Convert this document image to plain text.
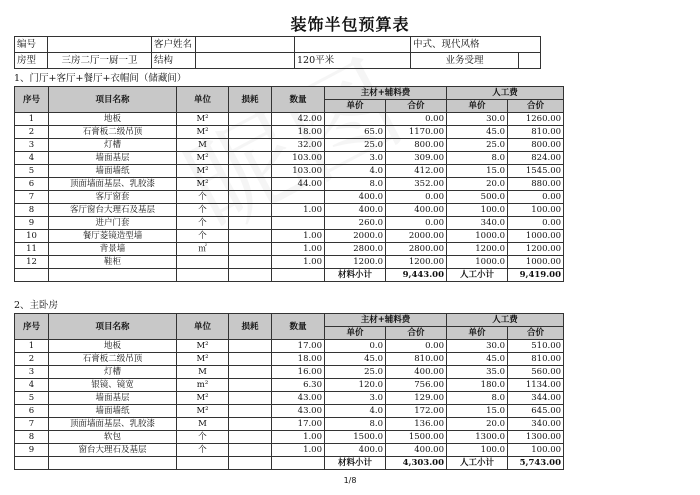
装饰半包预算表
编号		客户姓名			中式、现代风格	
房型	三房二厅一厨一卫	结构		120平米	业务受理	
1、门厅+客厅+餐厅+衣帽间（储藏间）
序号	项目名称	单位	损耗	数量	主材+辅料费		人工费	
					单价	合价	单价	合价
1	地板	M²		42.00		0.00	30.0	1260.00
2	石膏板二级吊顶	M²		18.00	65.0	1170.00	45.0	810.00
3	灯槽	M		32.00	25.0	800.00	25.0	800.00
4	墙面基层	M²		103.00	3.0	309.00	8.0	824.00
5	墙面墙纸	M²		103.00	4.0	412.00	15.0	1545.00
6	顶面墙面基层、乳胶漆	M²		44.00	8.0	352.00	20.0	880.00
7	客厅窗套	个			400.0	0.00	500.0	0.00
8	客厅窗台大理石及基层	个		1.00	400.0	400.00	100.0	100.00
9	进户门套	个			260.0	0.00	340.0	0.00
10	餐厅菱镜造型墙	个		1.00	2000.0	2000.00	1000.0	1000.00
11	背景墙	㎡		1.00	2800.0	2800.00	1200.0	1200.00
12	鞋柜			1.00	1200.0	1200.00	1000.0	1000.00
					材料小计	9,443.00	人工小计	9,419.00
2、主卧房
序号	项目名称	单位	损耗	数量	主材+辅料费		人工费	
					单价	合价	单价	合价
1	地板	M²		17.00	0.0	0.00	30.0	510.00
2	石膏板二级吊顶	M²		18.00	45.0	810.00	45.0	810.00
3	灯槽	M		16.00	25.0	400.00	35.0	560.00
4	银镜、镜宽	m²		6.30	120.0	756.00	180.0	1134.00
5	墙面基层	M²		43.00	3.0	129.00	8.0	344.00
6	墙面墙纸	M²		43.00	4.0	172.00	15.0	645.00
7	顶面墙面基层、乳胶漆	M		17.00	8.0	136.00	20.0	340.00
8	软包	个		1.00	1500.0	1500.00	1300.0	1300.00
9	窗台大理石及基层	个		1.00	400.0	400.00	100.0	100.00
					材料小计	4,303.00	人工小计	5,743.00
1/8
